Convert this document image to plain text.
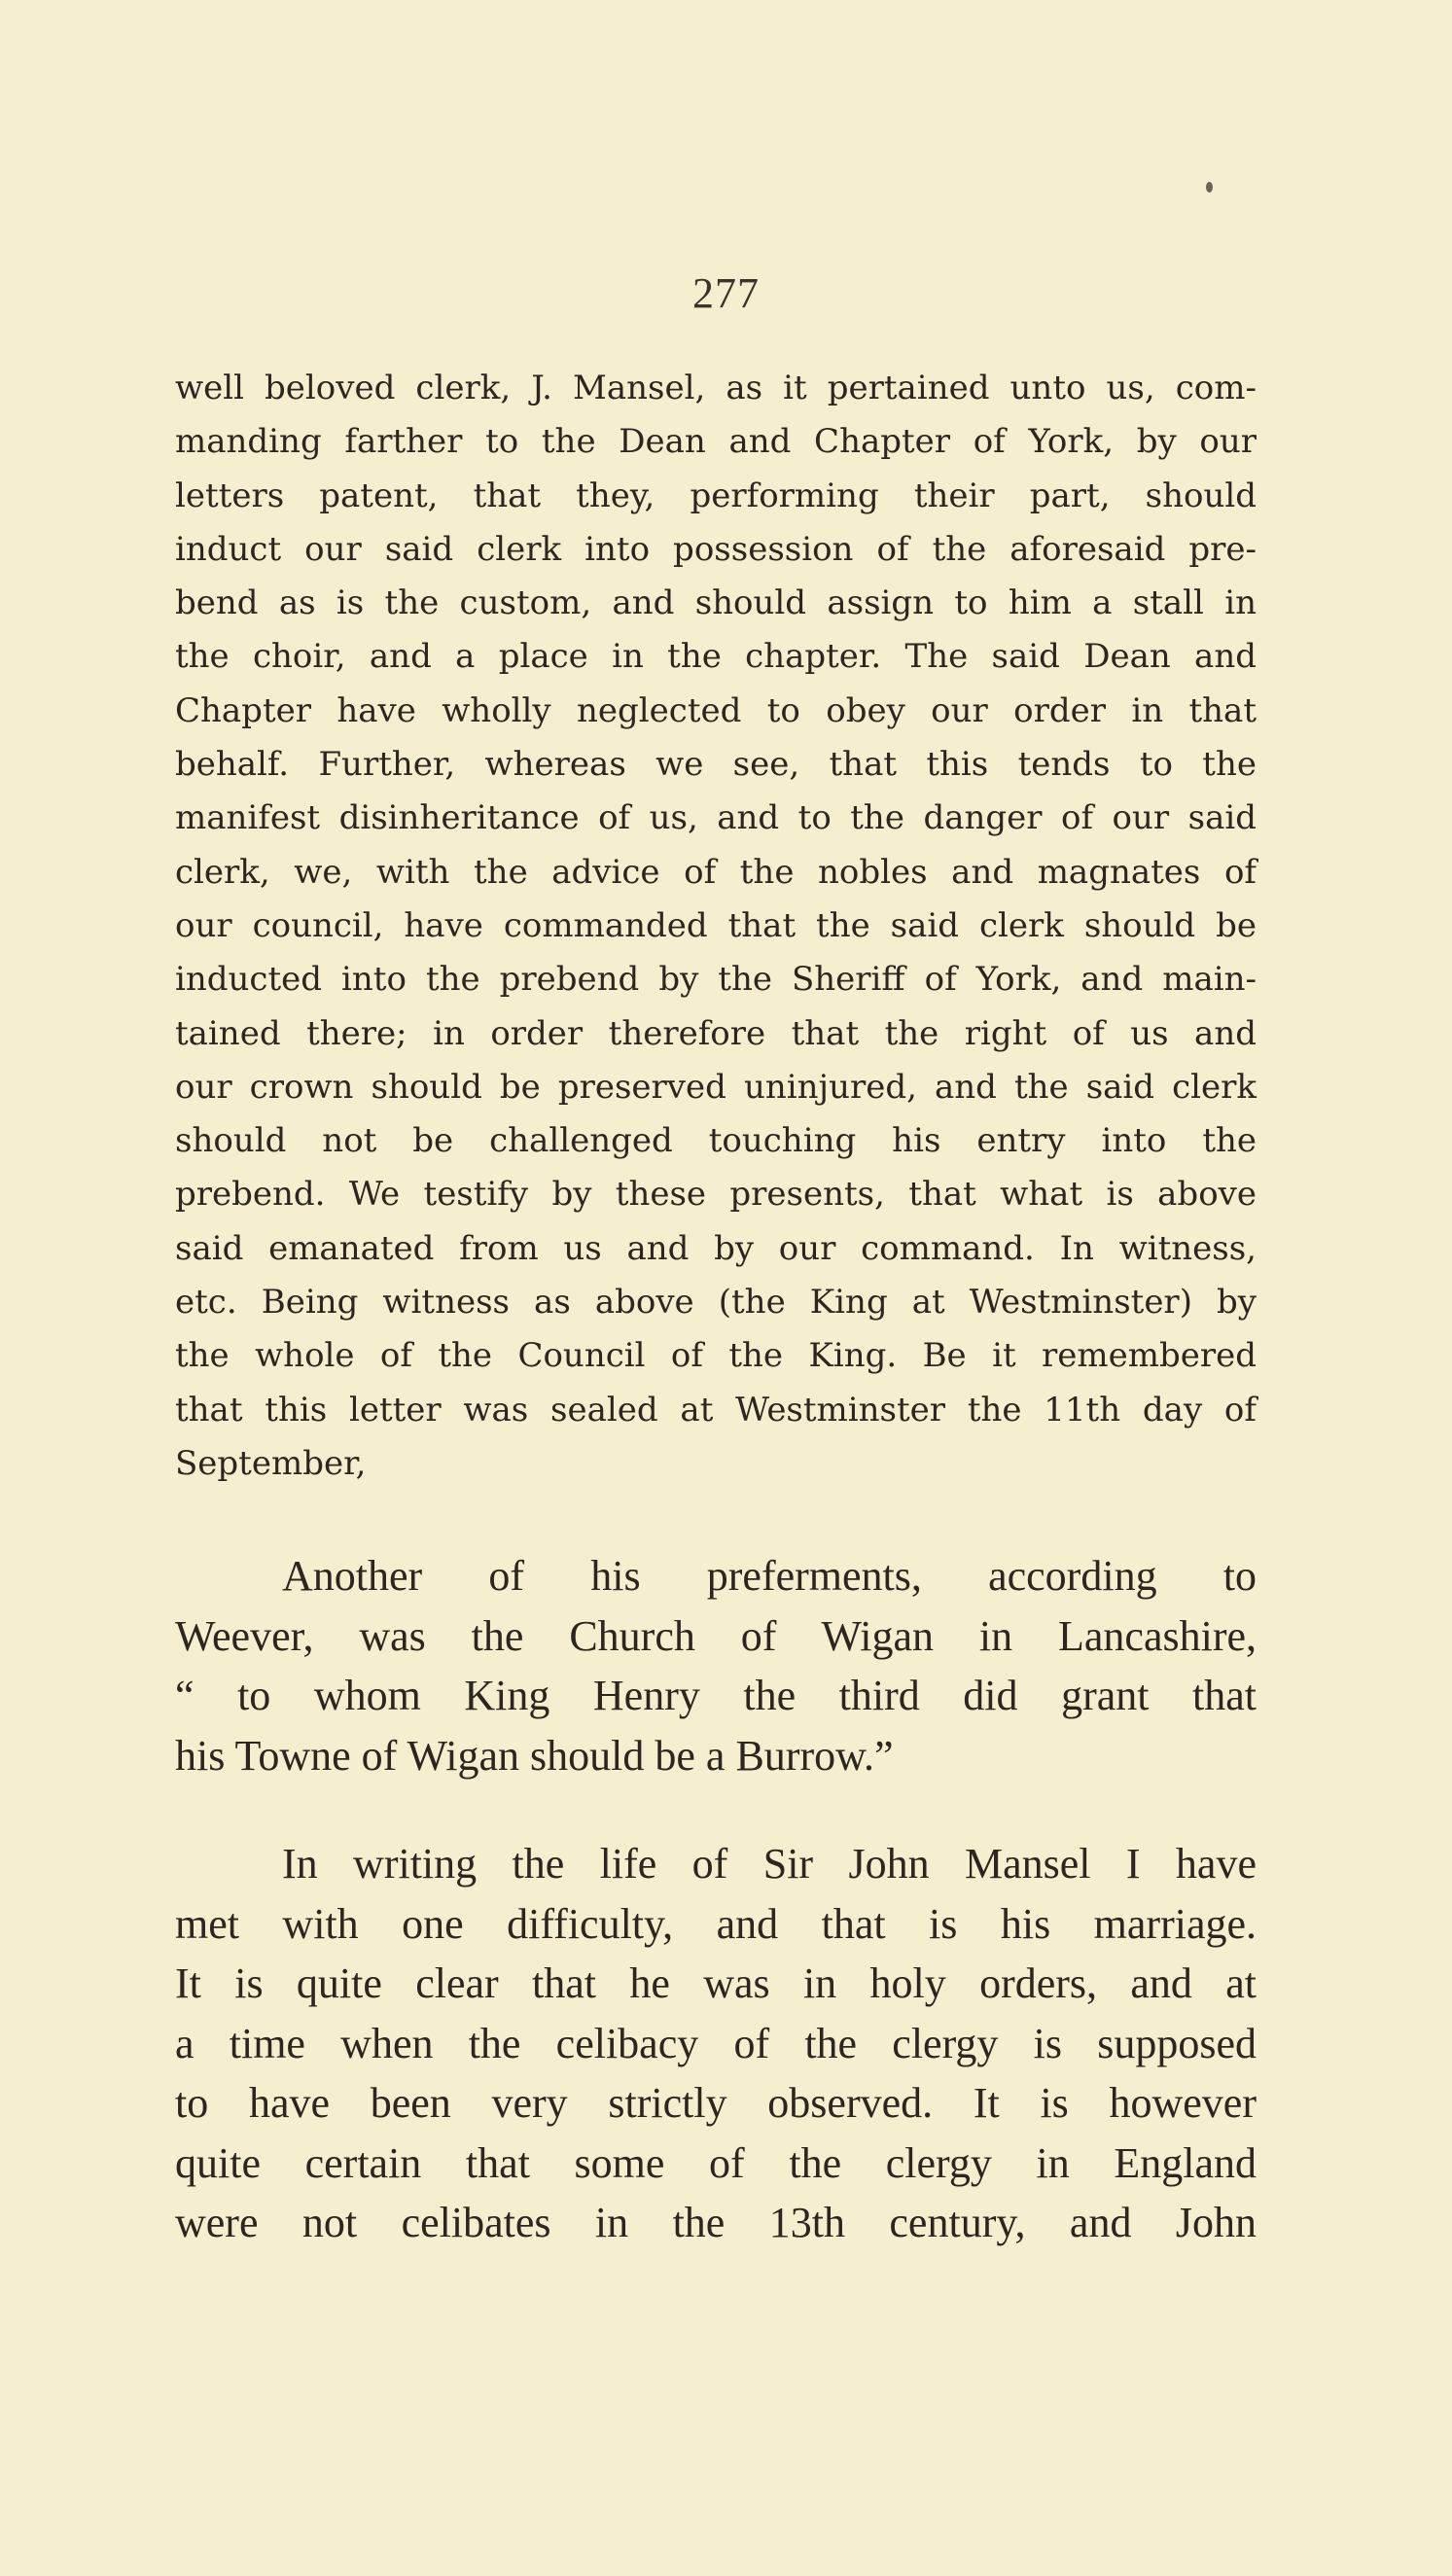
277
well beloved clerk, J. Mansel, as it pertained unto us, com-
manding farther to the Dean and Chapter of York, by our
letters patent, that they, performing their part, should
induct our said clerk into possession of the aforesaid pre-
bend as is the custom, and should assign to him a stall in
the choir, and a place in the chapter. The said Dean and
Chapter have wholly neglected to obey our order in that
behalf. Further, whereas we see, that this tends to the
manifest disinheritance of us, and to the danger of our said
clerk, we, with the advice of the nobles and magnates of
our council, have commanded that the said clerk should be
inducted into the prebend by the Sheriff of York, and main-
tained there; in order therefore that the right of us and
our crown should be preserved uninjured, and the said clerk
should not be challenged touching his entry into the
prebend. We testify by these presents, that what is above
said emanated from us and by our command. In witness,
etc. Being witness as above (the King at Westminster) by
the whole of the Council of the King. Be it remembered
that this letter was sealed at Westminster the 11th day of
September,
Another of his preferments, according to
Weever, was the Church of Wigan in Lancashire,
“ to whom King Henry the third did grant that
his Towne of Wigan should be a Burrow.”
In writing the life of Sir John Mansel I have
met with one difficulty, and that is his marriage.
It is quite clear that he was in holy orders, and at
a time when the celibacy of the clergy is supposed
to have been very strictly observed. It is however
quite certain that some of the clergy in England
were not celibates in the 13th century, and John
